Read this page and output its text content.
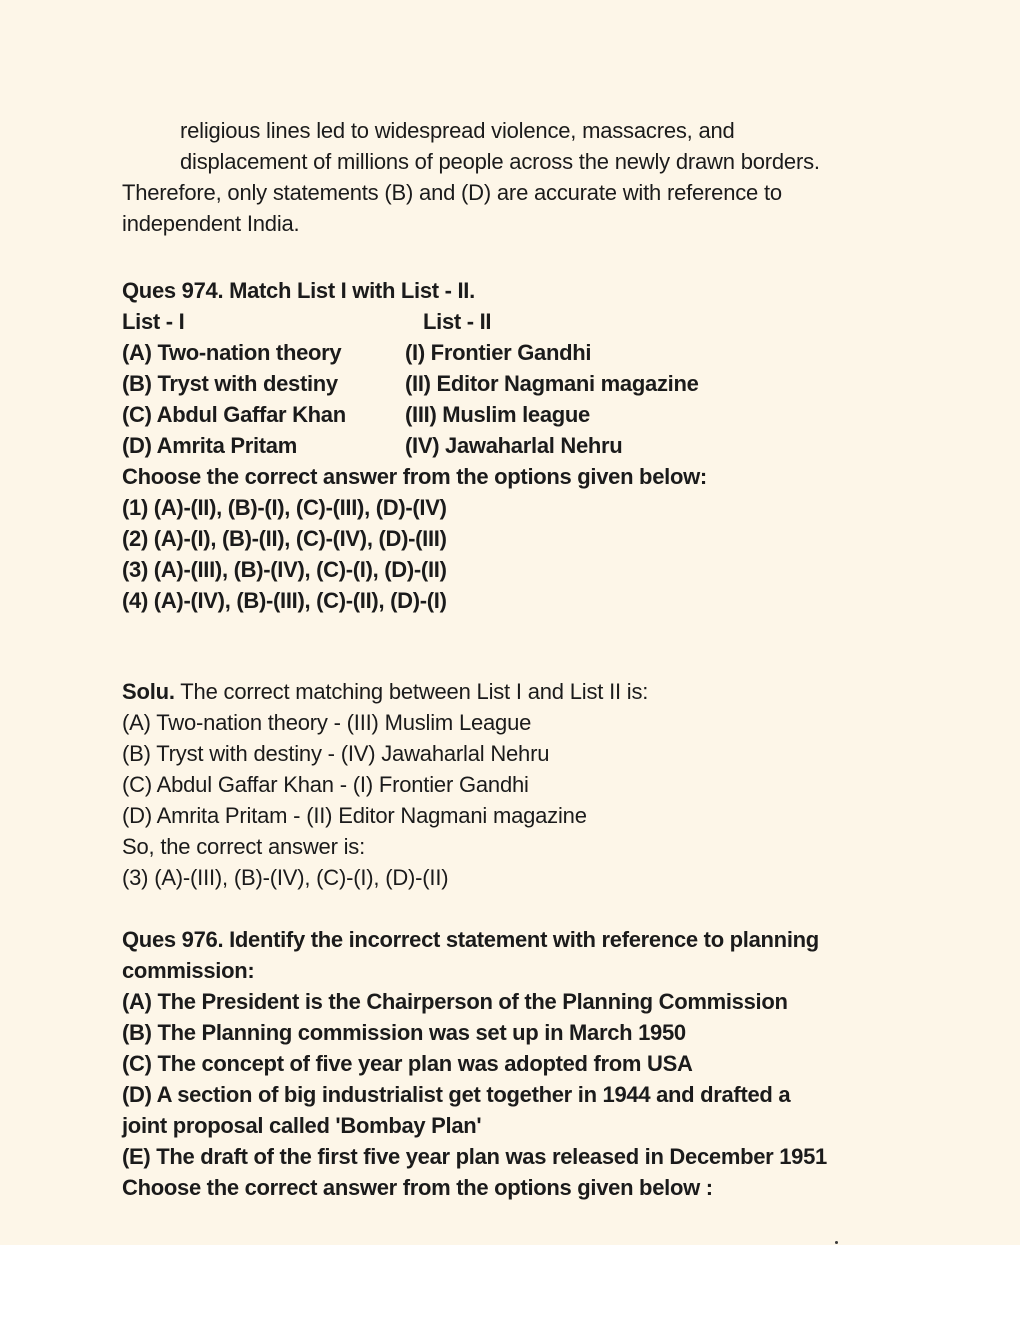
religious lines led to widespread violence, massacres, and
displacement of millions of people across the newly drawn borders.
Therefore, only statements (B) and (D) are accurate with reference to
independent India.
Ques 974. Match List I with List - II.
List - I	List - II
(A) Two-nation theory	(I) Frontier Gandhi
(B) Tryst with destiny	(II) Editor Nagmani magazine
(C) Abdul Gaffar Khan	(III) Muslim league
(D) Amrita Pritam	(IV) Jawaharlal Nehru
Choose the correct answer from the options given below:
(1) (A)-(II), (B)-(I), (C)-(III), (D)-(IV)
(2) (A)-(I), (B)-(II), (C)-(IV), (D)-(III)
(3) (A)-(III), (B)-(IV), (C)-(I), (D)-(II)
(4) (A)-(IV), (B)-(III), (C)-(II), (D)-(I)
Solu. The correct matching between List I and List II is:
(A) Two-nation theory - (III) Muslim League
(B) Tryst with destiny - (IV) Jawaharlal Nehru
(C) Abdul Gaffar Khan - (I) Frontier Gandhi
(D) Amrita Pritam - (II) Editor Nagmani magazine
So, the correct answer is:
(3) (A)-(III), (B)-(IV), (C)-(I), (D)-(II)
Ques 976. Identify the incorrect statement with reference to planning
commission:
(A) The President is the Chairperson of the Planning Commission
(B) The Planning commission was set up in March 1950
(C) The concept of five year plan was adopted from USA
(D) A section of big industrialist get together in 1944 and drafted a
joint proposal called 'Bombay Plan'
(E) The draft of the first five year plan was released in December 1951
Choose the correct answer from the options given below :
